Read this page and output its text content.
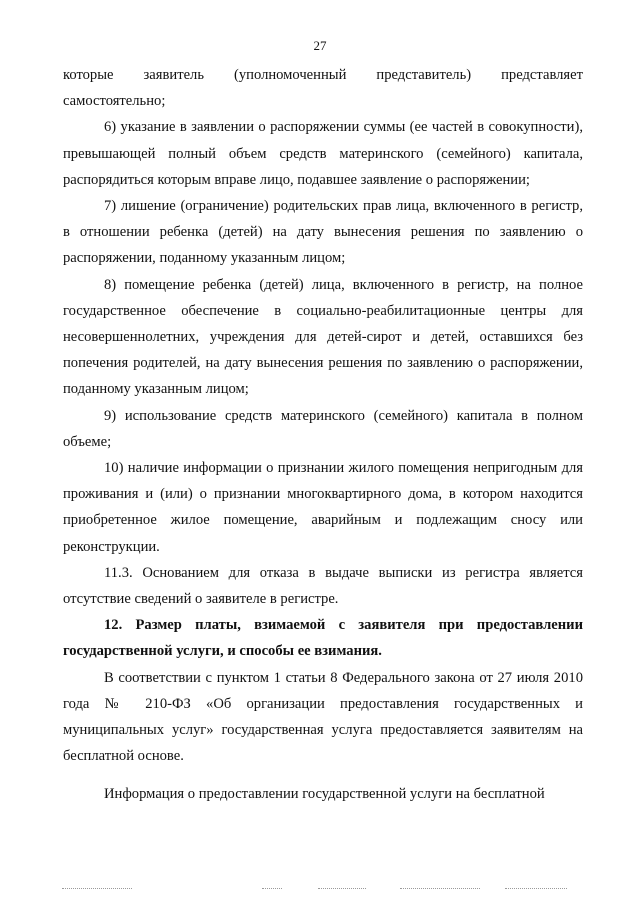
27

которые заявитель (уполномоченный представитель) представляет самостоятельно;

6) указание в заявлении о распоряжении суммы (ее частей в совокупности), превышающей полный объем средств материнского (семейного) капитала, распорядиться которым вправе лицо, подавшее заявление о распоряжении;

7) лишение (ограничение) родительских прав лица, включенного в регистр, в отношении ребенка (детей) на дату вынесения решения по заявлению о распоряжении, поданному указанным лицом;

8) помещение ребенка (детей) лица, включенного в регистр, на полное государственное обеспечение в социально-реабилитационные центры для несовершеннолетних, учреждения для детей-сирот и детей, оставшихся без попечения родителей, на дату вынесения решения по заявлению о распоряжении, поданному указанным лицом;

9) использование средств материнского (семейного) капитала в полном объеме;

10) наличие информации о признании жилого помещения непригодным для проживания и (или) о признании многоквартирного дома, в котором находится приобретенное жилое помещение, аварийным и подлежащим сносу или реконструкции.

11.3. Основанием для отказа в выдаче выписки из регистра является отсутствие сведений о заявителе в регистре.

12. Размер платы, взимаемой с заявителя при предоставлении государственной услуги, и способы ее взимания.

В соответствии с пунктом 1 статьи 8 Федерального закона от 27 июля 2010 года № 210-ФЗ «Об организации предоставления государственных и муниципальных услуг» государственная услуга предоставляется заявителям на бесплатной основе.

Информация о предоставлении государственной услуги на бесплатной
